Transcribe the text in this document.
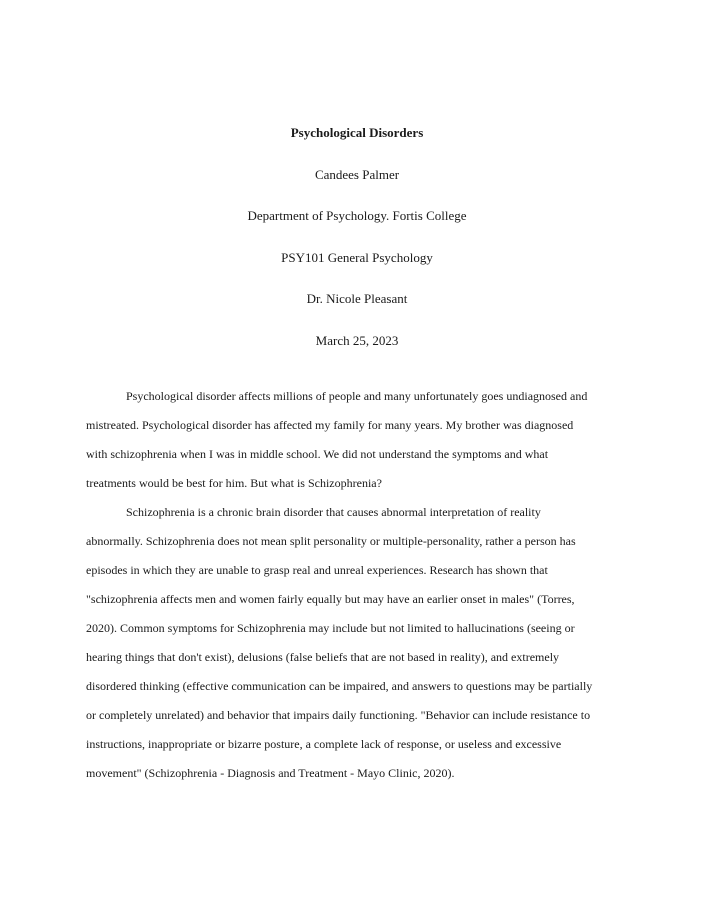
Psychological Disorders
Candees Palmer
Department of Psychology. Fortis College
PSY101 General Psychology
Dr. Nicole Pleasant
March 25, 2023

Psychological disorder affects millions of people and many unfortunately goes undiagnosed and
mistreated. Psychological disorder has affected my family for many years. My brother was diagnosed
with schizophrenia when I was in middle school. We did not understand the symptoms and what
treatments would be best for him. But what is Schizophrenia?

Schizophrenia is a chronic brain disorder that causes abnormal interpretation of reality
abnormally. Schizophrenia does not mean split personality or multiple-personality, rather a person has
episodes in which they are unable to grasp real and unreal experiences. Research has shown that
"schizophrenia affects men and women fairly equally but may have an earlier onset in males" (Torres,
2020). Common symptoms for Schizophrenia may include but not limited to hallucinations (seeing or
hearing things that don't exist), delusions (false beliefs that are not based in reality), and extremely
disordered thinking (effective communication can be impaired, and answers to questions may be partially
or completely unrelated) and behavior that impairs daily functioning. "Behavior can include resistance to
instructions, inappropriate or bizarre posture, a complete lack of response, or useless and excessive
movement" (Schizophrenia - Diagnosis and Treatment - Mayo Clinic, 2020).
